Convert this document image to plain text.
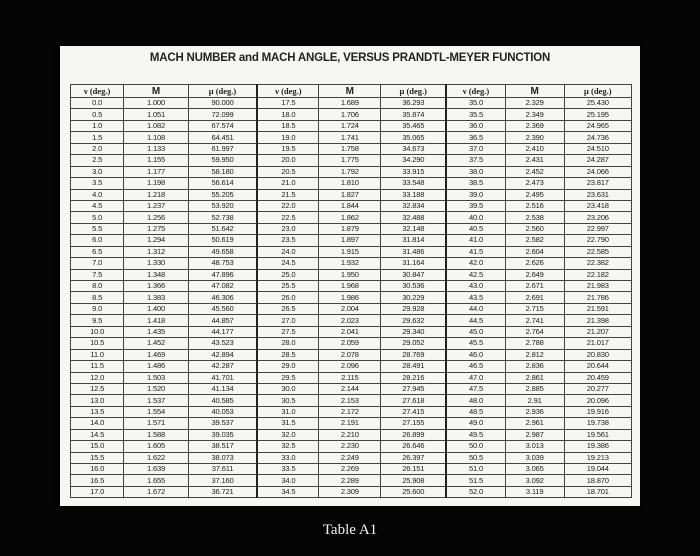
MACH NUMBER and MACH ANGLE, VERSUS PRANDTL-MEYER FUNCTION
ν (deg.)	M	μ (deg.)	ν (deg.)	M	μ (deg.)	ν (deg.)	M	μ (deg.)
0.0	1.000	90.000	17.5	1.689	36.293	35.0	2.329	25.430
0.5	1.051	72.099	18.0	1.706	35.874	35.5	2.349	25.195
1.0	1.082	67.574	18.5	1.724	35.465	36.0	2.369	24.965
1.5	1.108	64.451	19.0	1.741	35.065	36.5	2.390	24.736
2.0	1.133	61.997	19.5	1.758	34.673	37.0	2.410	24.510
2.5	1.155	59.950	20.0	1.775	34.290	37.5	2.431	24.287
3.0	1.177	58.180	20.5	1.792	33.915	38.0	2.452	24.066
3.5	1.198	56.614	21.0	1.810	33.548	38.5	2.473	23.817
4.0	1.218	55.205	21.5	1.827	33.188	39.0	2.495	23.631
4.5	1.237	53.920	22.0	1.844	32.834	39.5	2.516	23.418
5.0	1.256	52.738	22.5	1.862	32.488	40.0	2.538	23.206
5.5	1.275	51.642	23.0	1.879	32.148	40.5	2.560	22.997
6.0	1.294	50.619	23.5	1.897	31.814	41.0	2.582	22.790
6.5	1.312	49.658	24.0	1.915	31.486	41.5	2.604	22.585
7.0	1.330	48.753	24.5	1.932	31.164	42.0	2.626	22.382
7.5	1.348	47.896	25.0	1.950	30.847	42.5	2.649	22.182
8.0	1.366	47.082	25.5	1.968	30.536	43.0	2.671	21.983
8.5	1.383	46.306	26.0	1.986	30.229	43.5	2.691	21.786
9.0	1.400	45.560	26.5	2.004	29.928	44.0	2.715	21.591
9.5	1.418	44.857	27.0	2.023	29.632	44.5	2.741	21.398
10.0	1.435	44.177	27.5	2.041	29.340	45.0	2.764	21.207
10.5	1.452	43.523	28.0	2.059	29.052	45.5	2.788	21.017
11.0	1.469	42.894	28.5	2.078	28.769	46.0	2.812	20.830
11.5	1.486	42.287	29.0	2.096	28.491	46.5	2.836	20.644
12.0	1.503	41.701	29.5	2.115	28.216	47.0	2.861	20.459
12.5	1.520	41.134	30.0	2.144	27.945	47.5	2.885	20.277
13.0	1.537	40.585	30.5	2.153	27.618	48.0	2.91	20.096
13.5	1.554	40.053	31.0	2.172	27.415	48.5	2.936	19.916
14.0	1.571	39.537	31.5	2.191	27.155	49.0	2.961	19.738
14.5	1.588	39.035	32.0	2.210	26.899	49.5	2.987	19.561
15.0	1.605	38.517	32.5	2.230	26.646	50.0	3.013	19.386
15.5	1.622	38.073	33.0	2.249	26.397	50.5	3.039	19.213
16.0	1.639	37.611	33.5	2.269	26.151	51.0	3.065	19.044
16.5	1.655	37.160	34.0	2.289	25.908	51.5	3.092	18.870
17.0	1.672	36.721	34.5	2.309	25.600	52.0	3.119	18.701
Table A1
